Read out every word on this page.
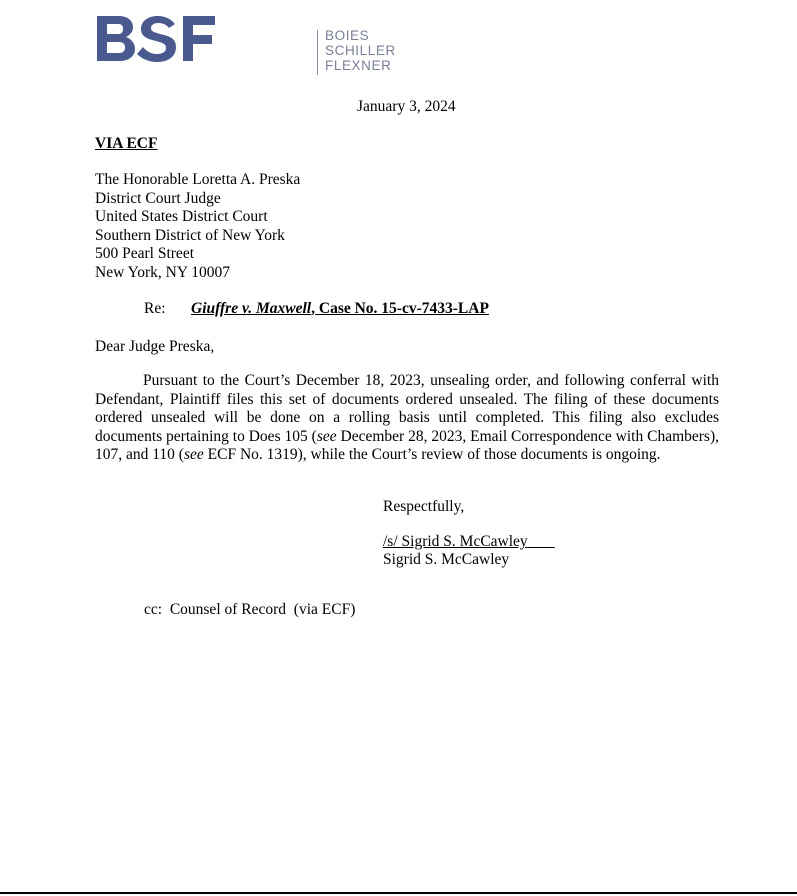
BOIES
SCHILLER
FLEXNER
January 3, 2024
VIA ECF
The Honorable Loretta A. Preska
District Court Judge
United States District Court
Southern District of New York
500 Pearl Street
New York, NY 10007
Re: Giuffre v. Maxwell, Case No. 15-cv-7433-LAP
Dear Judge Preska,

Pursuant to the Court’s December 18, 2023, unsealing order, and following conferral with Defendant, Plaintiff files this set of documents ordered unsealed. The filing of these documents ordered unsealed will be done on a rolling basis until completed. This filing also excludes documents pertaining to Does 105 (see December 28, 2023, Email Correspondence with Chambers), 107, and 110 (see ECF No. 1319), while the Court’s review of those documents is ongoing.

Respectfully,
/s/ Sigrid S. McCawley
Sigrid S. McCawley
cc:  Counsel of Record  (via ECF)
